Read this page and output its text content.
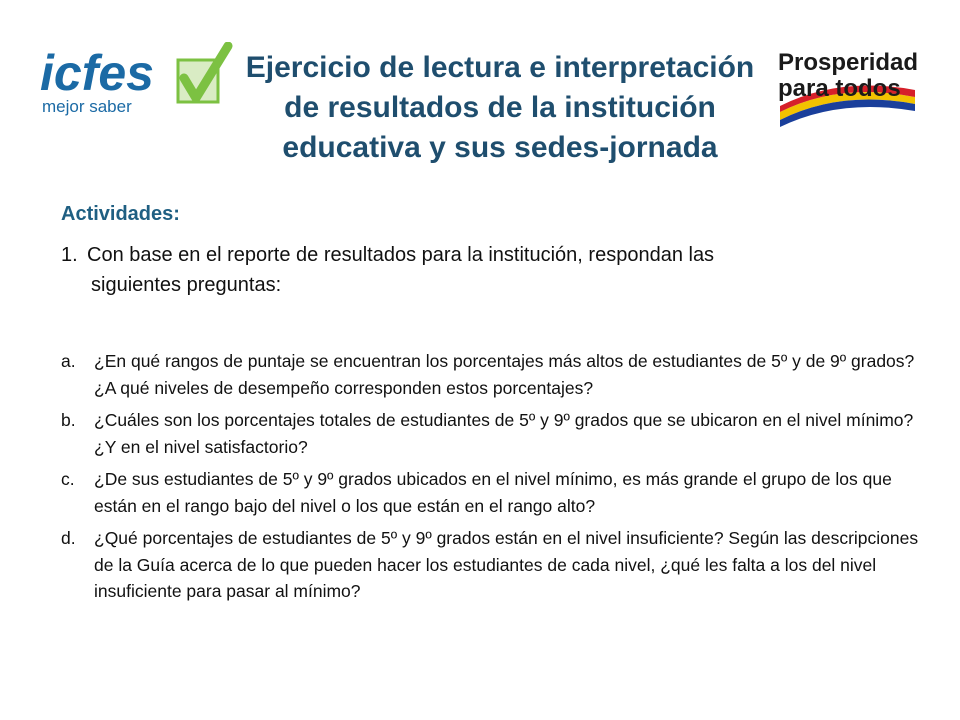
icfes
mejor saber
Prosperidad
para todos
Ejercicio de lectura e interpretación
de resultados de la institución
educativa y sus sedes-jornada
Actividades:
1. Con base en el reporte de resultados para la institución, respondan las
siguientes preguntas:
a.	¿En qué rangos de puntaje se encuentran los porcentajes más altos de estudiantes de 5º y de 9º grados? ¿A qué niveles de desempeño corresponden estos porcentajes?
b.	¿Cuáles son los porcentajes totales de estudiantes de 5º y 9º grados que se ubicaron en el nivel mínimo? ¿Y en el nivel satisfactorio?
c.	¿De sus estudiantes de 5º y 9º grados ubicados en el nivel mínimo, es más grande el grupo de los que están en el rango bajo del nivel o los que están en el rango alto?
d.	¿Qué porcentajes de estudiantes de 5º y 9º grados están en el nivel insuficiente? Según las descripciones de la Guía acerca de lo que pueden hacer los estudiantes de cada nivel, ¿qué les falta a los del nivel insuficiente para pasar al mínimo?
